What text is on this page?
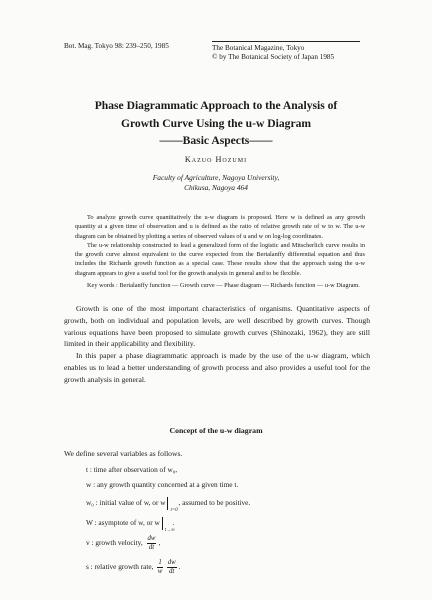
Bot. Mag. Tokyo 98: 239–250, 1985	The Botanical Magazine, Tokyo
© by The Botanical Society of Japan 1985
Phase Diagrammatic Approach to the Analysis of
Growth Curve Using the u-w Diagram
——Basic Aspects——
Kazuo Hozumi
Faculty of Agriculture, Nagoya University,
Chikusa, Nagoya 464

To analyze growth curve quantitatively the u-w diagram is proposed. Here w is defined as any growth quantity at a given time of observation and u is defined as the ratio of relative growth rate of w to w. The u-w diagram can be obtained by plotting a series of observed values of u and w on log-log coordinates.

The u-w relationship constructed to lead a generalized form of the logistic and Mitscherlich curve results in the growth curve almost equivalent to the curve expected from the Bertalanffy differential equation and thus includes the Richards growth function as a special case. These results show that the approach using the u-w diagram appears to give a useful tool for the growth analysis in general and to be flexible.

Key words : Bertalanffy function — Growth curve — Phase diagram — Richards function — u-w Diagram.

Growth is one of the most important characteristics of organisms. Quantitative aspects of growth, both on individual and population levels, are well described by growth curves. Though various equations have been proposed to simulate growth curves (Shinozaki, 1962), they are still limited in their applicability and flexibility.

In this paper a phase diagrammatic approach is made by the use of the u-w diagram, which enables us to lead a better understanding of growth process and also provides a useful tool for the growth analysis in general.

Concept of the u-w diagram
We define several variables as follows.
t : time after observation of w₀,
w : any growth quantity concerned at a given time t.
w₀ : initial value of w, or w
t=0
, assumed to be positive.
W : asymptote of w, or w
t→∞
.
v : growth velocity, $\frac{dw}{dt}$ ,
s : relative growth rate, $\frac{1}{w} \frac{dw}{dt}$ .
